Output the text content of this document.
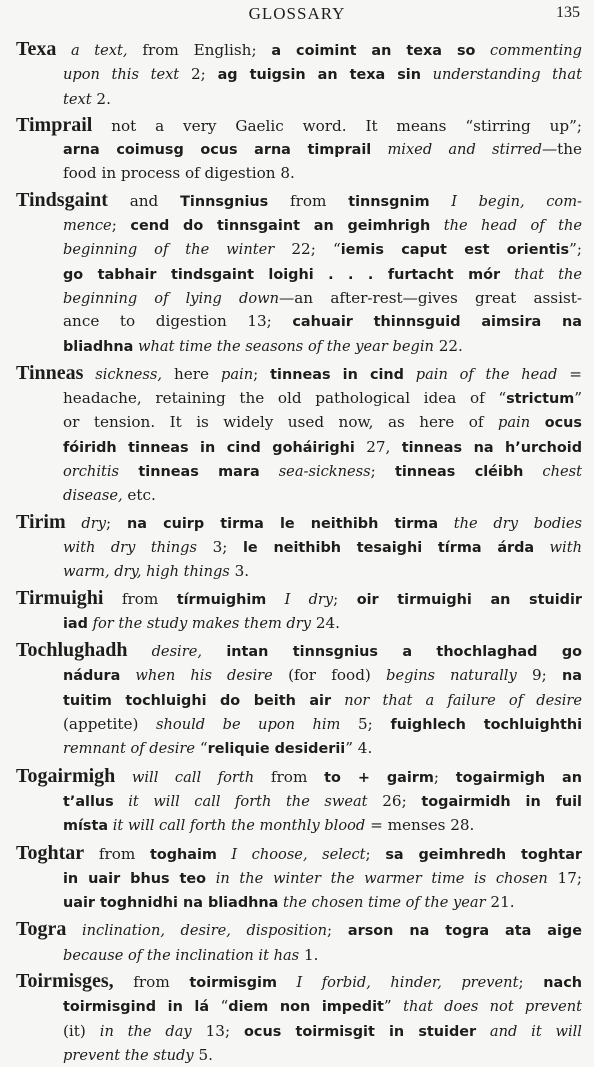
GLOSSARY	135
Texa a text, from English; a coimint an texa so commenting
upon this text 2; ag tuigsin an texa sin understanding that
text 2.
Timprail not a very Gaelic word. It means “stirring up”;
arna coimusg ocus arna timprail mixed and stirred—the
food in process of digestion 8.
Tindsgaint and Tinnsgnius from tinnsgnim I begin, com-
mence; cend do tinnsgaint an geimhrigh the head of the
beginning of the winter 22; “iemis caput est orientis”;
go tabhair tindsgaint loighi . . . furtacht mór that the
beginning of lying down—an after-rest—gives great assist-
ance to digestion 13; cahuair thinnsguid aimsira na
bliadhna what time the seasons of the year begin 22.
Tinneas sickness, here pain; tinneas in cind pain of the head =
headache, retaining the old pathological idea of “strictum”
or tension. It is widely used now, as here of pain ocus
fóiridh tinneas in cind goháirighi 27, tinneas na h’urchoid
orchitis tinneas mara sea-sickness; tinneas cléibh chest
disease, etc.
Tirim dry; na cuirp tirma le neithibh tirma the dry bodies
with dry things 3; le neithibh tesaighi tírma árda with
warm, dry, high things 3.
Tirmuighi from tírmuighim I dry; oir tirmuighi an stuidir
iad for the study makes them dry 24.
Tochlughadh desire, intan tinnsgnius a thochlaghad go
nádura when his desire (for food) begins naturally 9; na
tuitim tochluighi do beith air nor that a failure of desire
(appetite) should be upon him 5; fuighlech tochluighthi
remnant of desire “reliquie desiderii” 4.
Togairmigh will call forth from to + gairm; togairmigh an
t’allus it will call forth the sweat 26; togairmidh in fuil
místa it will call forth the monthly blood = menses 28.
Toghtar from toghaim I choose, select; sa geimhredh toghtar
in uair bhus teo in the winter the warmer time is chosen 17;
uair toghnidhi na bliadhna the chosen time of the year 21.
Togra inclination, desire, disposition; arson na togra ata aige
because of the inclination it has 1.
Toirmisges, from toirmisgim I forbid, hinder, prevent; nach
toirmisgind in lá “diem non impedit” that does not prevent
(it) in the day 13; ocus toirmisgit in stuider and it will
prevent the study 5.
